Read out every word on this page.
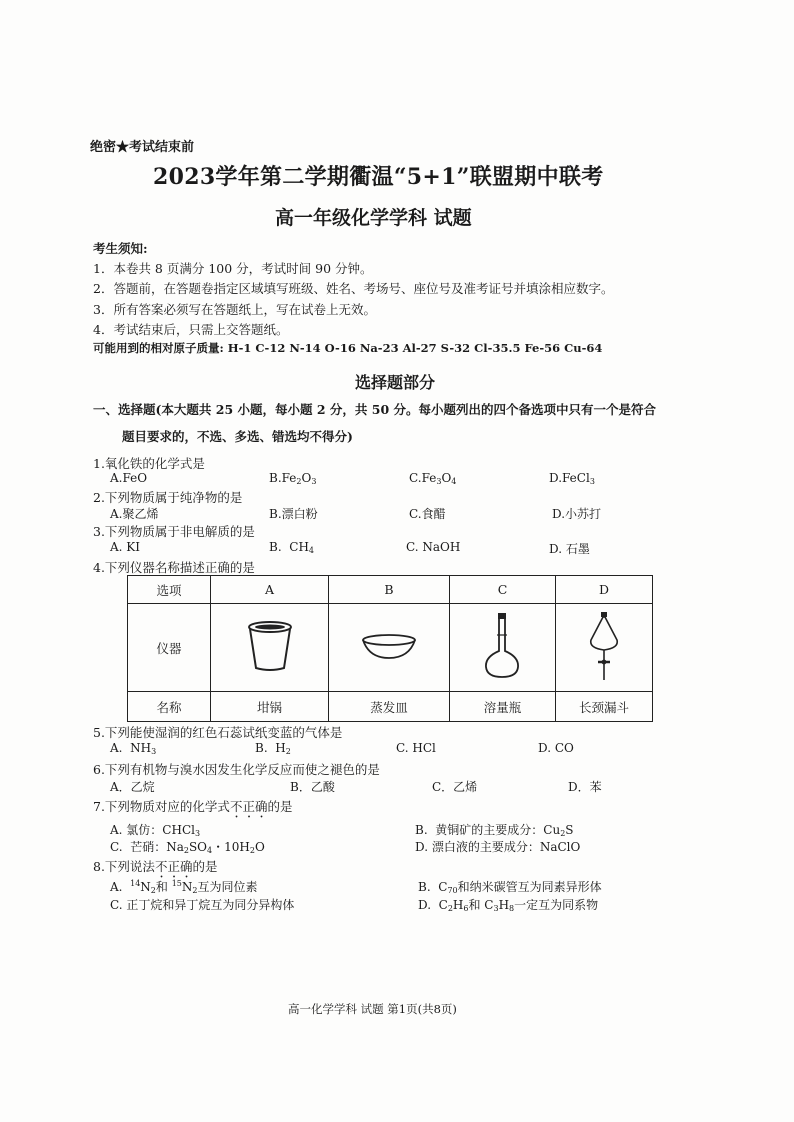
绝密★考试结束前
2023学年第二学期衢温“5+1”联盟期中联考
高一年级化学学科 试题
考生须知:
1．本卷共 8 页满分 100 分，考试时间 90 分钟。
2．答题前，在答题卷指定区域填写班级、姓名、考场号、座位号及准考证号并填涂相应数字。
3．所有答案必须写在答题纸上，写在试卷上无效。
4．考试结束后，只需上交答题纸。
可能用到的相对原子质量: H-1 C-12 N-14 O-16 Na-23 Al-27 S-32 Cl-35.5 Fe-56 Cu-64
选择题部分
一、选择题(本大题共 25 小题，每小题 2 分，共 50 分。每小题列出的四个备选项中只有一个是符合
题目要求的，不选、多选、错选均不得分)
1.氧化铁的化学式是
A.FeO	$B.Fe_2O_3$	$C.Fe_3O_4$	D.FeCl$_3$
2.下列物质属于纯净物的是
A.聚乙烯	B.漂白粉	C.食醋	D.小苏打
3.下列物质属于非电解质的是
A. KI	B.  $CH_4$	C. NaOH	D. 石墨
4.下列仪器名称描述正确的是
选项	A	B	C	D
仪器				
名称	坩锅	蒸发皿	溶量瓶	长颈漏斗
5.下列能使湿润的红色石蕊试纸变蓝的气体是
A.  $NH_3$	B.  $H_2$	C. HCl	D. CO
6.下列有机物与溴水因发生化学反应而使之褪色的是
A．乙烷	B．乙酸	C．乙烯	D．苯
7.下列物质对应的化学式不正确的是
A. 氯仿：CHCl$_3$	B.  黄铜矿的主要成分：$Cu_2S$
C.  芒硝：$Na_2SO_4$・$10H_2O$	D. 漂白液的主要成分：NaClO
8.下列说法不正确的是
A.  $^{14}N_2$和 $^{15}N_2$互为同位素	B.  $C_{70}$和纳米碳管互为同素异形体
C. 正丁烷和异丁烷互为同分异构体	D.  $C_2H_6$和 $C_3H_8$一定互为同系物
高一化学学科 试题 第1页(共8页)
